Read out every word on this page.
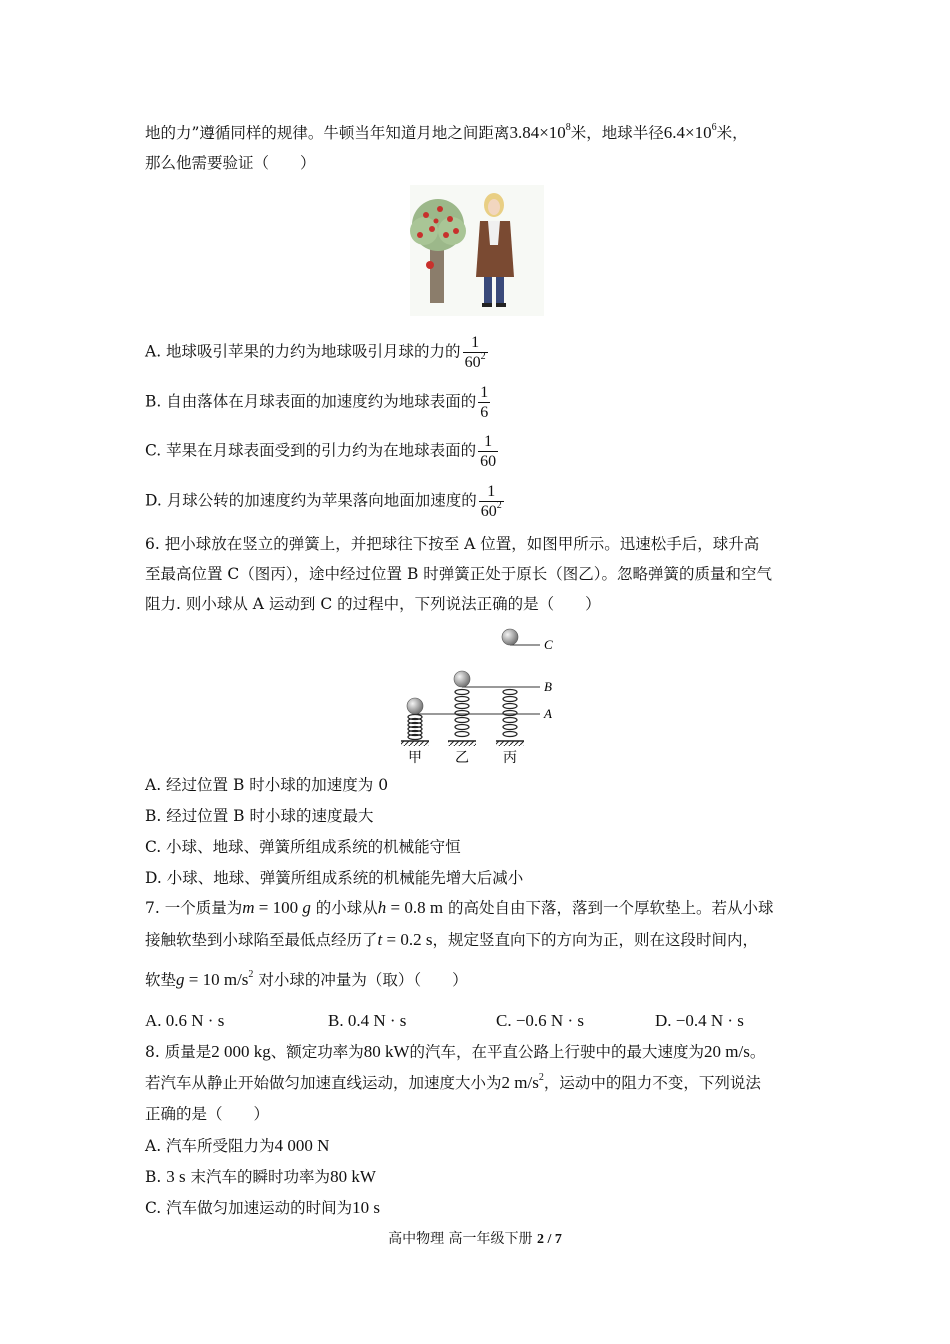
地的力”遵循同样的规律。牛顿当年知道月地之间距离$3.84\times 10^8$米，地球半径$6.4\times 10^6$米，
那么他需要验证（　　）
A. 地球吸引苹果的力约为地球吸引月球的力的 $\frac{1}{60^2}$
B. 自由落体在月球表面的加速度约为地球表面的 $\frac{1}{6}$
C. 苹果在月球表面受到的引力约为在地球表面的 $\frac{1}{60}$
D. 月球公转的加速度约为苹果落向地面加速度的 $\frac{1}{60^2}$
6. 把小球放在竖立的弹簧上，并把球往下按至 A 位置，如图甲所示。迅速松手后，球升高
至最高位置 C（图丙），途中经过位置 B 时弹簧正处于原长（图乙）。忽略弹簧的质量和空气
阻力. 则小球从 A 运动到 C 的过程中，下列说法正确的是（　　）
C
B
A
甲 乙 丙
A. 经过位置 B 时小球的加速度为 0
B. 经过位置 B 时小球的速度最大
C. 小球、地球、弹簧所组成系统的机械能守恒
D. 小球、地球、弹簧所组成系统的机械能先增大后减小
7. 一个质量为m = 100 g 的小球从h = 0.8 m 的高处自由下落，落到一个厚软垫上。若从小球
接触软垫到小球陷至最低点经历了t = 0.2 s，规定竖直向下的方向为正，则在这段时间内，
软垫g = 10 $m/s^2$ 对小球的冲量为（取）（　　）
A. 0.6 N · s	B. 0.4 N · s	C. −0.6 N · s	D. −0.4 N · s
8. 质量是2 000 kg、额定功率为80 kW的汽车，在平直公路上行驶中的最大速度为20 m/s。
若汽车从静止开始做匀加速直线运动，加速度大小为2 $m/s^2$，运动中的阻力不变，下列说法
正确的是（　　）
A. 汽车所受阻力为4 000 N
B. 3 s 末汽车的瞬时功率为80 kW
C. 汽车做匀加速运动的时间为10 s
高中物理 高一年级下册 2 / 7
